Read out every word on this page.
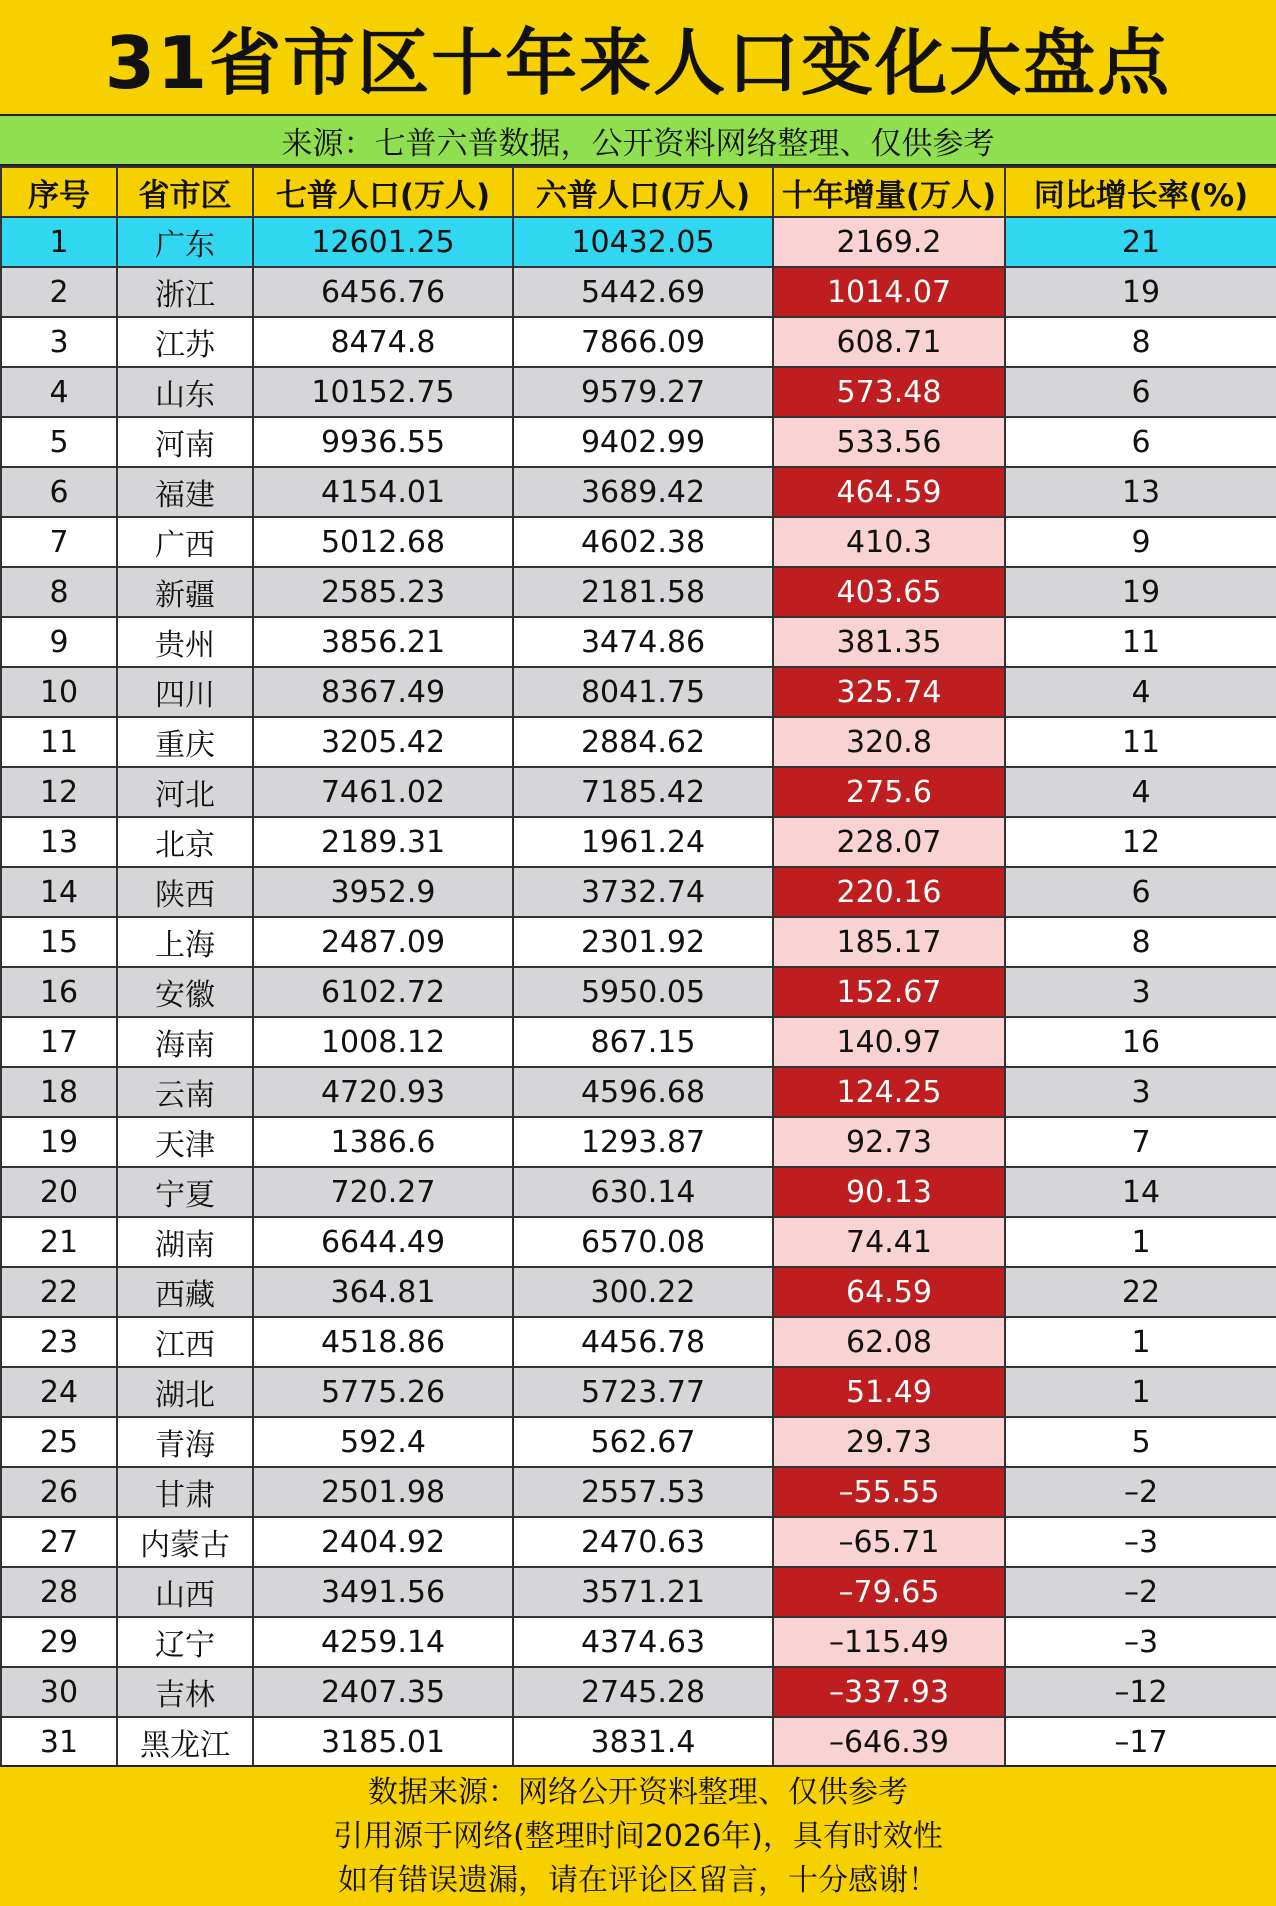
31省市区十年来人口变化大盘点
来源：七普六普数据，公开资料网络整理、仅供参考
序号	省市区	七普人口(万人)	六普人口(万人)	十年增量(万人)	同比增长率(%)
1	广东	12601.25	10432.05	2169.2	21
2	浙江	6456.76	5442.69	1014.07	19
3	江苏	8474.8	7866.09	608.71	8
4	山东	10152.75	9579.27	573.48	6
5	河南	9936.55	9402.99	533.56	6
6	福建	4154.01	3689.42	464.59	13
7	广西	5012.68	4602.38	410.3	9
8	新疆	2585.23	2181.58	403.65	19
9	贵州	3856.21	3474.86	381.35	11
10	四川	8367.49	8041.75	325.74	4
11	重庆	3205.42	2884.62	320.8	11
12	河北	7461.02	7185.42	275.6	4
13	北京	2189.31	1961.24	228.07	12
14	陕西	3952.9	3732.74	220.16	6
15	上海	2487.09	2301.92	185.17	8
16	安徽	6102.72	5950.05	152.67	3
17	海南	1008.12	867.15	140.97	16
18	云南	4720.93	4596.68	124.25	3
19	天津	1386.6	1293.87	92.73	7
20	宁夏	720.27	630.14	90.13	14
21	湖南	6644.49	6570.08	74.41	1
22	西藏	364.81	300.22	64.59	22
23	江西	4518.86	4456.78	62.08	1
24	湖北	5775.26	5723.77	51.49	1
25	青海	592.4	562.67	29.73	5
26	甘肃	2501.98	2557.53	–55.55	–2
27	内蒙古	2404.92	2470.63	–65.71	–3
28	山西	3491.56	3571.21	–79.65	–2
29	辽宁	4259.14	4374.63	–115.49	–3
30	吉林	2407.35	2745.28	–337.93	–12
31	黑龙江	3185.01	3831.4	–646.39	–17
数据来源：网络公开资料整理、仅供参考
引用源于网络(整理时间2026年)，具有时效性
如有错误遗漏，请在评论区留言，十分感谢！
